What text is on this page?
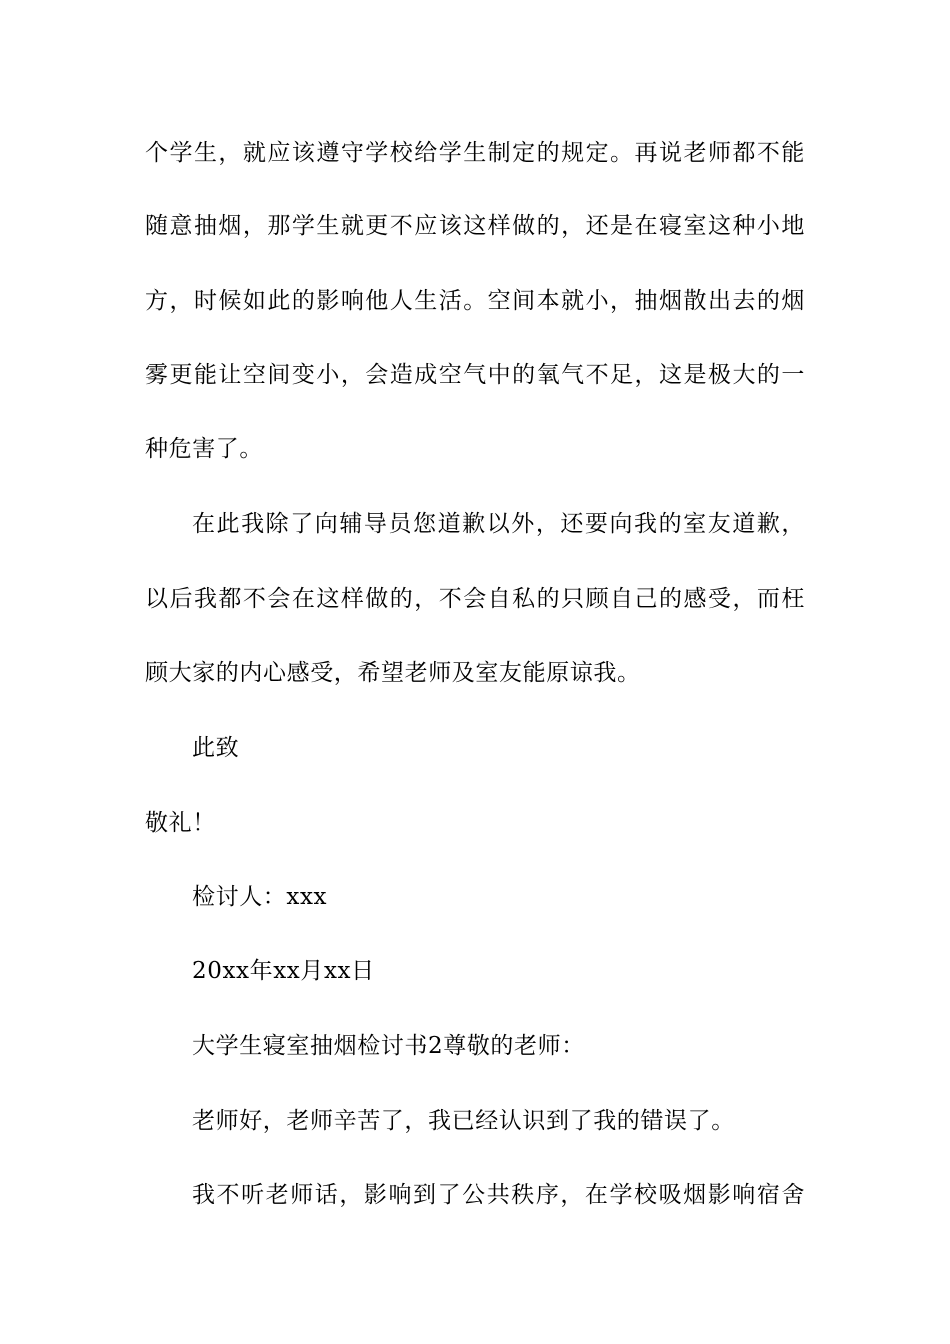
个学生，就应该遵守学校给学生制定的规定。再说老师都不能
随意抽烟，那学生就更不应该这样做的，还是在寝室这种小地
方，时候如此的影响他人生活。空间本就小，抽烟散出去的烟
雾更能让空间变小，会造成空气中的氧气不足，这是极大的一
种危害了。
在此我除了向辅导员您道歉以外，还要向我的室友道歉，
以后我都不会在这样做的，不会自私的只顾自己的感受，而枉
顾大家的内心感受，希望老师及室友能原谅我。
此致
敬礼！
检讨人：xxx
20xx年xx月xx日
大学生寝室抽烟检讨书2尊敬的老师：
老师好，老师辛苦了，我已经认识到了我的错误了。
我不听老师话，影响到了公共秩序，在学校吸烟影响宿舍
